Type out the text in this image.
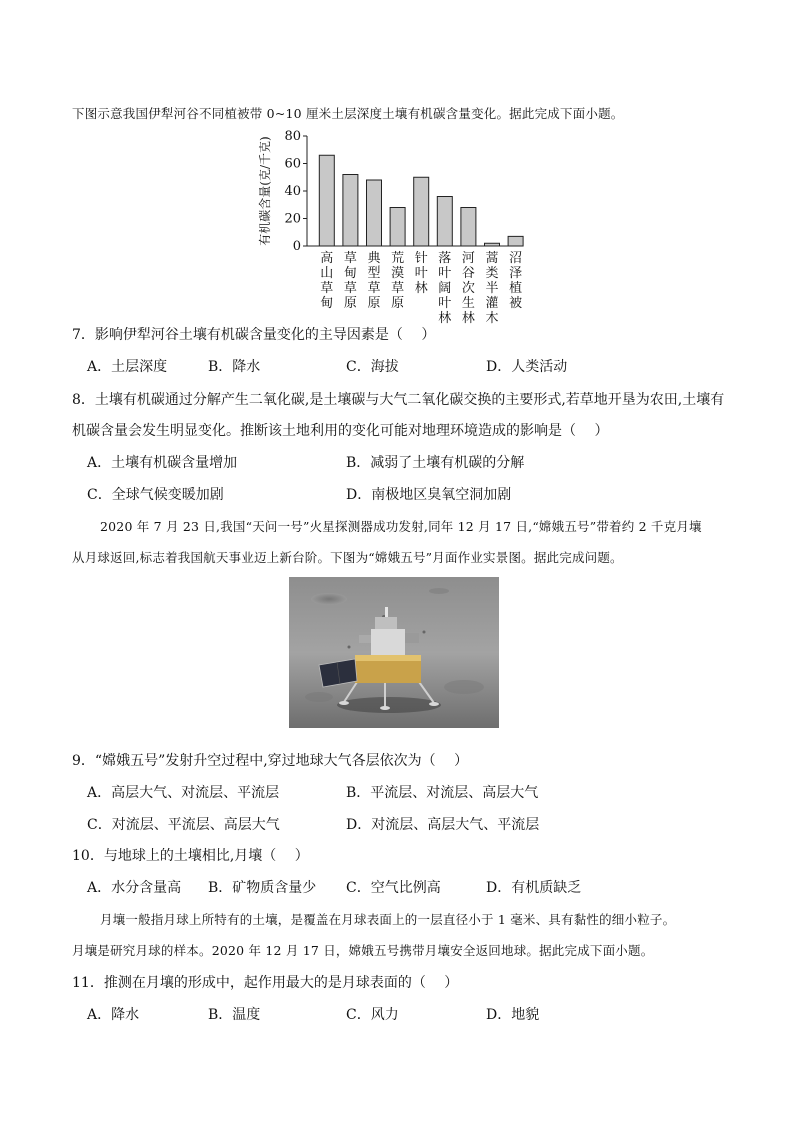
下图示意我国伊犁河谷不同植被带 0~10 厘米土层深度土壤有机碳含量变化。据此完成下面小题。
0
20
40
60
80
有机碳含量(克/千克)
高山草甸
草甸草原
典型草原
荒漠草原
针叶林
落叶阔叶林
河谷次生林
蒿类半灌木
沼泽植被
7．影响伊犁河谷土壤有机碳含量变化的主导因素是（　 ）
A．土层深度	B．降水	C．海拔	D．人类活动
8．土壤有机碳通过分解产生二氧化碳,是土壤碳与大气二氧化碳交换的主要形式,若草地开垦为农田,土壤有
机碳含量会发生明显变化。推断该土地利用的变化可能对地理环境造成的影响是（　 ）
A．土壤有机碳含量增加	B．减弱了土壤有机碳的分解
C．全球气候变暖加剧	D．南极地区臭氧空洞加剧
2020 年 7 月 23 日,我国“天问一号”火星探测器成功发射,同年 12 月 17 日,“嫦娥五号”带着约 2 千克月壤
从月球返回,标志着我国航天事业迈上新台阶。下图为“嫦娥五号”月面作业实景图。据此完成问题。
9．“嫦娥五号”发射升空过程中,穿过地球大气各层依次为（　 ）
A．高层大气、对流层、平流层	B．平流层、对流层、高层大气
C．对流层、平流层、高层大气	D．对流层、高层大气、平流层
10．与地球上的土壤相比,月壤（　 ）
A．水分含量高 B．矿物质含量少 C．空气比例高	D．有机质缺乏
月壤一般指月球上所特有的土壤，是覆盖在月球表面上的一层直径小于 1 毫米、具有黏性的细小粒子。
月壤是研究月球的样本。2020 年 12 月 17 日，嫦娥五号携带月壤安全返回地球。据此完成下面小题。
11．推测在月壤的形成中，起作用最大的是月球表面的（　 ）
A．降水	B．温度	C．风力	D．地貌
